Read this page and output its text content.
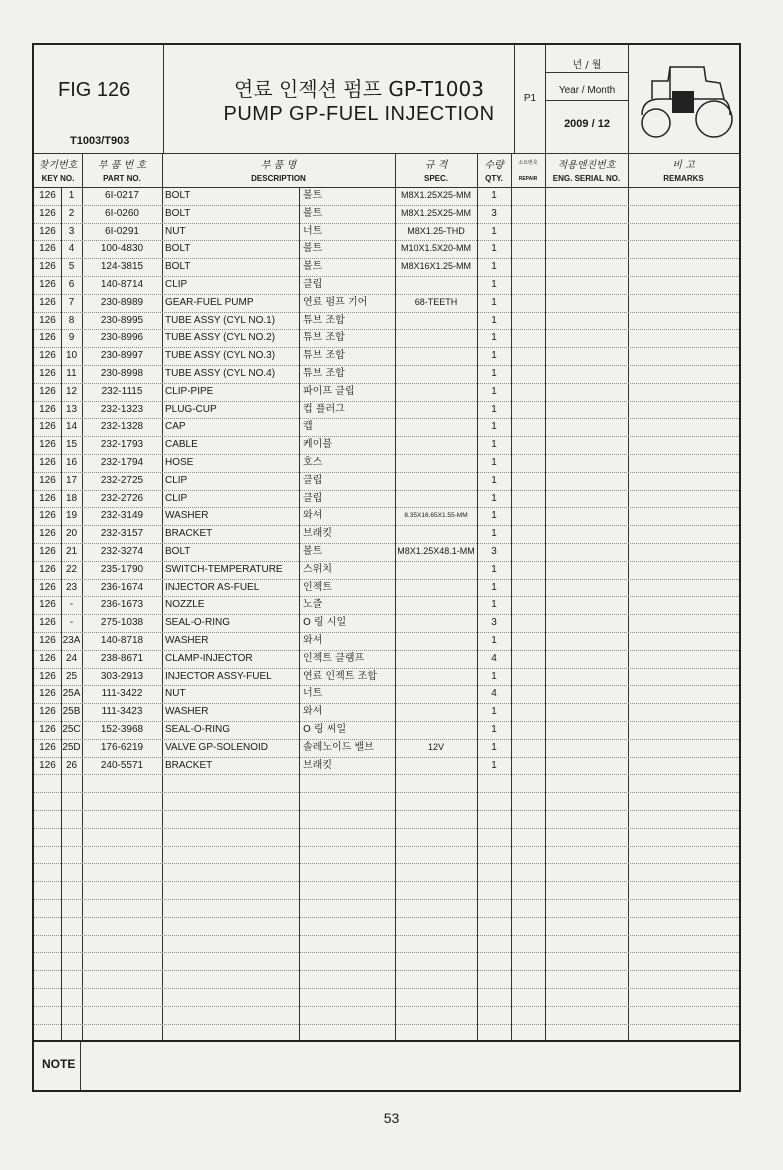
FIG 126
T1003/T903
연료 인젝션 펌프 GP-T1003
PUMP GP-FUEL INJECTION
P1
년 / 월
Year / Month
2009 / 12
찾기번호
KEY NO.
부 품 번 호
PART NO.
부 품 명
DESCRIPTION
규 격
SPEC.
수량
QTY.
소요번호
REPAIR
적용엔진번호
ENG. SERIAL NO.
비 고
REMARKS
126	1	6I-0217	BOLT	볼트	M8X1.25X25-MM	1
126	2	6I-0260	BOLT	볼트	M8X1.25X25-MM	3
126	3	6I-0291	NUT	너트	M8X1.25-THD	1
126	4	100-4830	BOLT	볼트	M10X1.5X20-MM	1
126	5	124-3815	BOLT	볼트	M8X16X1.25-MM	1
126	6	140-8714	CLIP	클립	1
126	7	230-8989	GEAR-FUEL PUMP	연료 펌프 기어	68-TEETH	1
126	8	230-8995	TUBE ASSY (CYL NO.1)	튜브 조합	1
126	9	230-8996	TUBE ASSY (CYL NO.2)	튜브 조합	1
126	10	230-8997	TUBE ASSY (CYL NO.3)	튜브 조합	1
126	11	230-8998	TUBE ASSY (CYL NO.4)	튜브 조합	1
126	12	232-1115	CLIP-PIPE	파이프 클립	1
126	13	232-1323	PLUG-CUP	컵 플러그	1
126	14	232-1328	CAP	캡	1
126	15	232-1793	CABLE	케이블	1
126	16	232-1794	HOSE	호스	1
126	17	232-2725	CLIP	클립	1
126	18	232-2726	CLIP	클립	1
126	19	232-3149	WASHER	와셔	8.35X16.65X1.55-MM	1
126	20	232-3157	BRACKET	브래킷	1
126	21	232-3274	BOLT	볼트	M8X1.25X48.1-MM	3
126	22	235-1790	SWITCH-TEMPERATURE	스위치	1
126	23	236-1674	INJECTOR AS-FUEL	인젝트	1
126	-	236-1673	NOZZLE	노즐	1
126	-	275-1038	SEAL-O-RING	O 링 시일	3
126 23A	140-8718	WASHER	와셔	1
126	24	238-8671	CLAMP-INJECTOR	인젝트 클램프	4
126	25	303-2913	INJECTOR ASSY-FUEL	연료 인젝트 조합	1
126 25A	111-3422	NUT	너트	4
126 25B	111-3423	WASHER	와셔	1
126 25C	152-3968	SEAL-O-RING	O 링 씨일	1
126 25D	176-6219	VALVE GP-SOLENOID	솔레노이드 밸브	12V	1
126	26	240-5571	BRACKET	브래킷	1
NOTE
53
